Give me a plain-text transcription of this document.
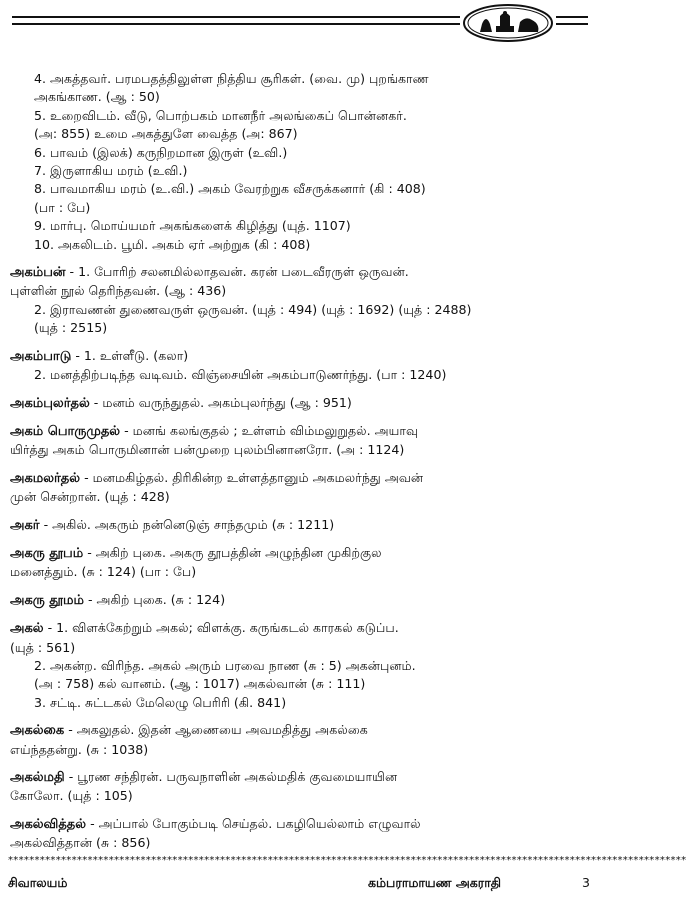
4. அகத்தவர். பரமபதத்திலுள்ள நித்திய சூரிகள். (வை. மு) புறங்காண
அகங்காண. (ஆ : 50)
5. உறைவிடம். வீடு, பொற்பகம் மானநீர் அலங்கைப் பொன்னகர்.
(அ: 855) உமை அகத்துளே வைத்த (அ: 867)
6. பாவம் (இலக்) கருநிறமான இருள் (உவி.)
7. இருளாகிய மரம் (உவி.)
8. பாவமாகிய மரம் (உ.வி.) அகம் வேரற்றுக வீசருக்கனார் (கி : 408)
(பா : பே)
9. மார்பு. மொய்யமர் அகங்களைக் கிழித்து (யுத். 1107)
10. அகலிடம். பூமி. அகம் ஏர் அற்றுக (கி : 408)
அகம்பன் - 1. போரிற் சலனமில்லாதவன். கரன் படைவீரருள் ஒருவன்.
புள்ளின் நூல் தெரிந்தவன். (ஆ : 436)
2. இராவணன் துணைவருள் ஒருவன். (யுத் : 494) (யுத் : 1692) (யுத் : 2488)
(யுத் : 2515)
அகம்பாடு - 1. உள்ளீடு. (கலா)
2. மனத்திற்படிந்த வடிவம். விஞ்சையின் அகம்பாடுணர்ந்து. (பா : 1240)
அகம்புலர்தல் - மனம் வருந்துதல். அகம்புலர்ந்து (ஆ : 951)
அகம் பொருமுதல் - மனங் கலங்குதல் ; உள்ளம் விம்மலுறுதல். அயாவு
யிர்த்து அகம் பொருமினான் பன்முறை புலம்பினானரோ. (அ : 1124)
அகமலர்தல் - மனமகிழ்தல். திரிகின்ற உள்ளத்தானும் அகமலர்ந்து அவன்
முன் சென்றான். (யுத் : 428)
அகர் - அகில். அகரும் நன்னெடுஞ் சாந்தமும் (சு : 1211)
அகரு தூபம் - அகிற் புகை. அகரு தூபத்தின் அழுந்தின முகிற்குல
மனைத்தும். (சு : 124) (பா : பே)
அகரு தூமம் - அகிற் புகை. (சு : 124)
அகல் - 1. விளக்கேற்றும் அகல்; விளக்கு. கருங்கடல் காரகல் கடுப்ப.
(யுத் : 561)
2. அகன்ற. விரிந்த. அகல் அரும் பரவை நாண (சு : 5) அகன்புனம்.
(அ : 758) கல் வானம். (ஆ : 1017) அகல்வான் (சு : 111)
3. சட்டி. சுட்டகல் மேலெழு பெரிரி (கி. 841)
அகல்கை - அகலுதல். இதன் ஆணையை அவமதித்து அகல்கை
எய்ந்ததன்று. (சு : 1038)
அகல்மதி - பூரண சந்திரன். பருவநாளின் அகல்மதிக் குவமையாயின
கோலோ. (யுத் : 105)
அகல்வித்தல் - அப்பால் போகும்படி செய்தல். பகழியெல்லாம் எழுவால்
அகல்வித்தான் (சு : 856)
********************************************************************************************************************************
சிவாலயம்	கம்பராமாயண அகராதி	3
